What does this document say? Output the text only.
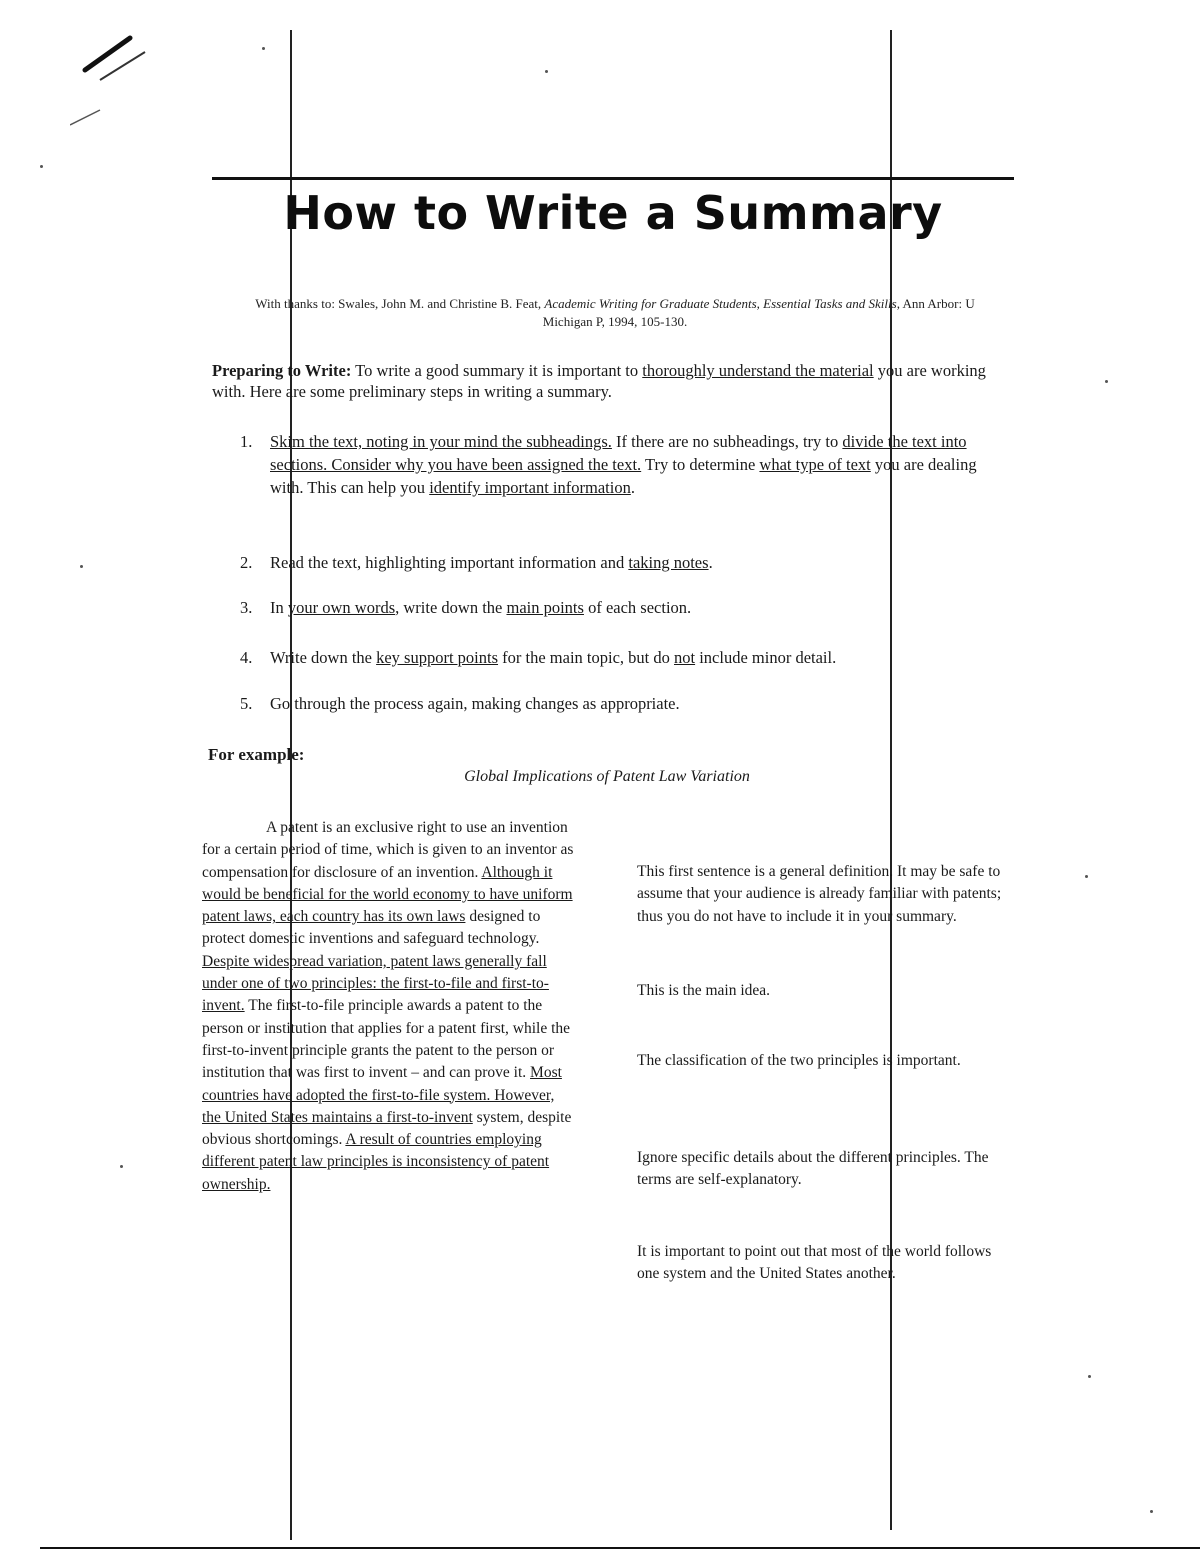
How to Write a Summary

With thanks to: Swales, John M. and Christine B. Feat, Academic Writing for Graduate Students, Essential Tasks and Skills, Ann Arbor: U Michigan P, 1994, 105-130.

Preparing to Write: To write a good summary it is important to thoroughly understand the material you are working with. Here are some preliminary steps in writing a summary.

1.	Skim the text, noting in your mind the subheadings. If there are no subheadings, try to divide the text into sections. Consider why you have been assigned the text. Try to determine what type of text you are dealing with. This can help you identify important information.
2.	Read the text, highlighting important information and taking notes.
3.	In your own words, write down the main points of each section.
4.	Write down the key support points for the main topic, but do not include minor detail.
5.	Go through the process again, making changes as appropriate.

For example:

Global Implications of Patent Law Variation

A patent is an exclusive right to use an invention for a certain period of time, which is given to an inventor as compensation for disclosure of an invention. Although it would be beneficial for the world economy to have uniform patent laws, each country has its own laws designed to protect domestic inventions and safeguard technology. Despite widespread variation, patent laws generally fall under one of two principles: the first-to-file and first-to-invent. The first-to-file principle awards a patent to the person or institution that applies for a patent first, while the first-to-invent principle grants the patent to the person or institution that was first to invent – and can prove it. Most countries have adopted the first-to-file system. However, the United States maintains a first-to-invent system, despite obvious shortcomings. A result of countries employing different patent law principles is inconsistency of patent ownership.

This first sentence is a general definition. It may be safe to assume that your audience is already familiar with patents; thus you do not have to include it in your summary.

This is the main idea.

The classification of the two principles is important.

Ignore specific details about the different principles. The terms are self-explanatory.

It is important to point out that most of the world follows one system and the United States another.
